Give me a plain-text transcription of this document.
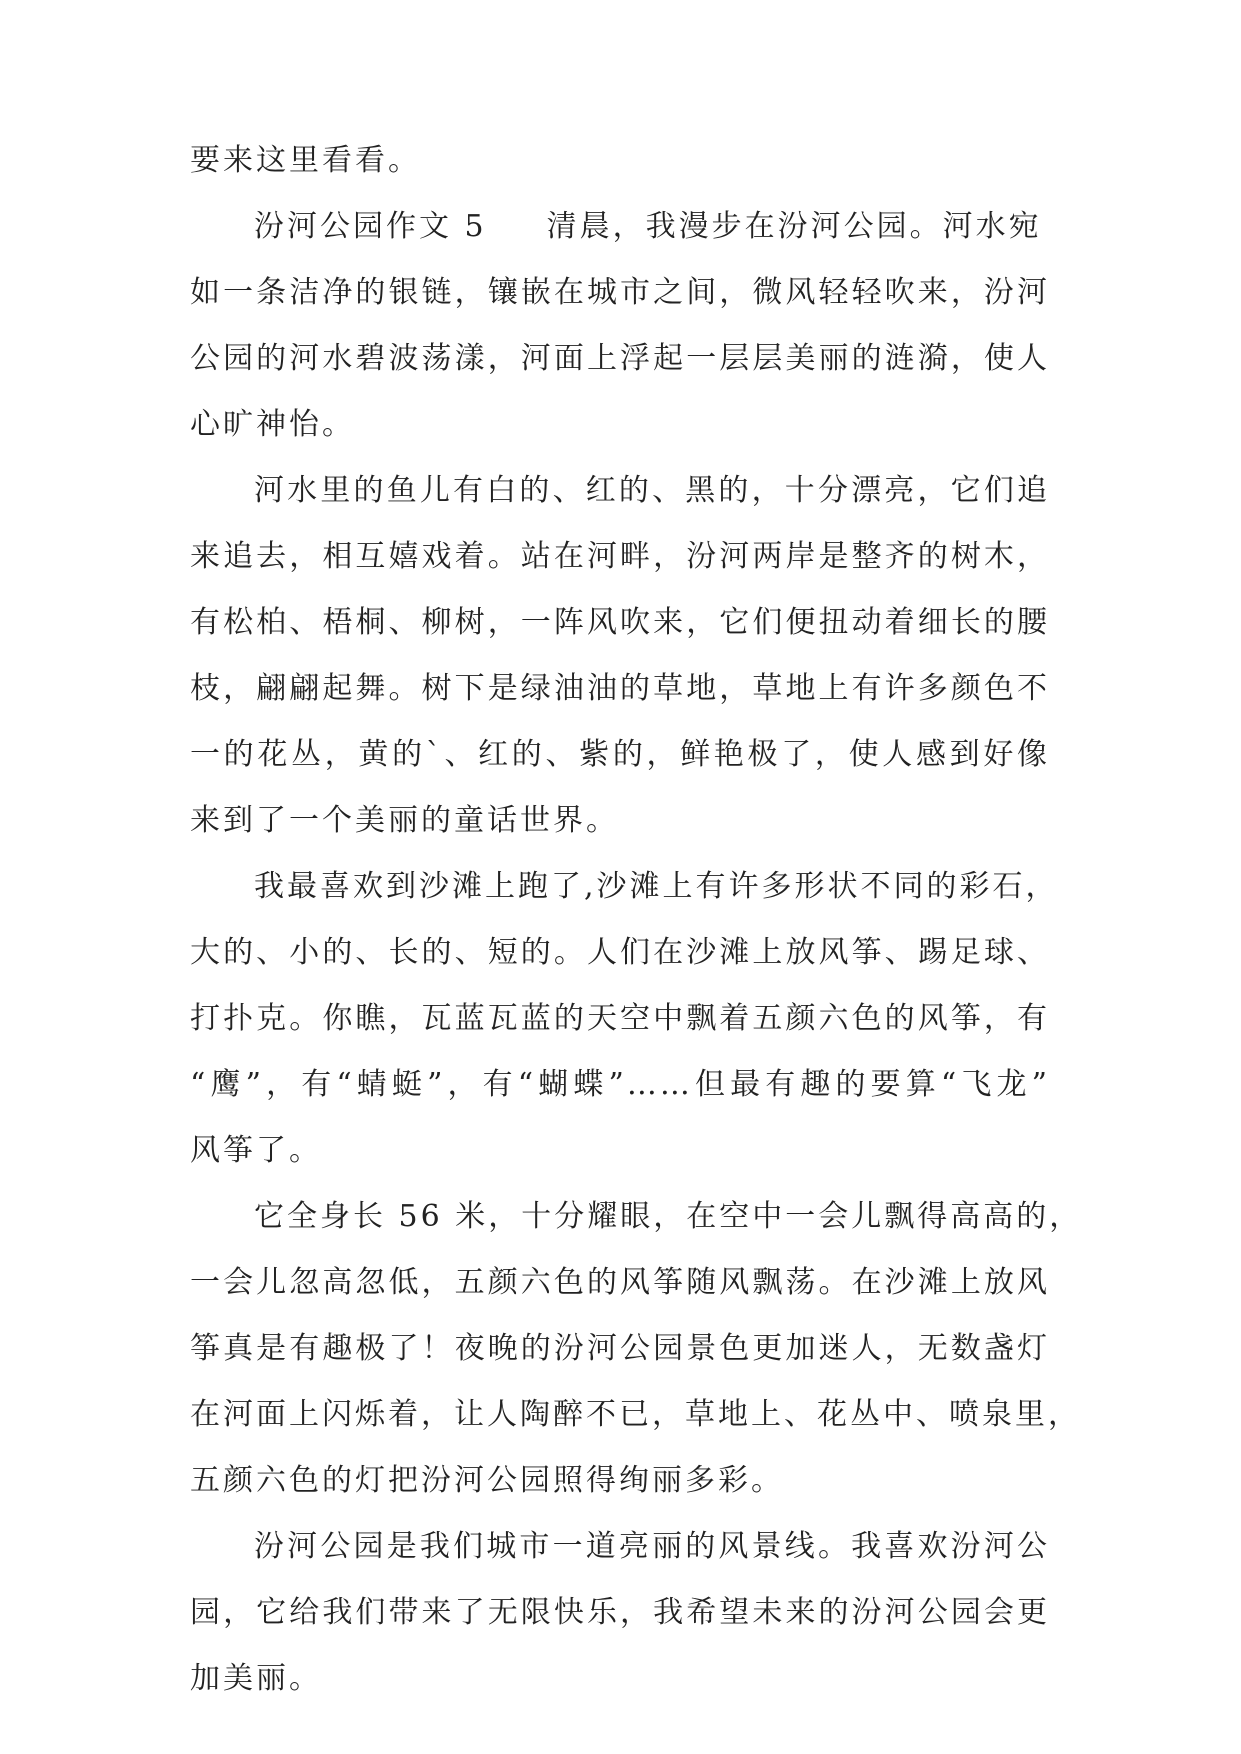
要来这里看看。
汾河公园作文 5 清晨，我漫步在汾河公园。河水宛
如一条洁净的银链，镶嵌在城市之间，微风轻轻吹来，汾河
公园的河水碧波荡漾，河面上浮起一层层美丽的涟漪，使人
心旷神怡。
河水里的鱼儿有白的、红的、黑的，十分漂亮，它们追
来追去，相互嬉戏着。站在河畔，汾河两岸是整齐的树木，
有松柏、梧桐、柳树，一阵风吹来，它们便扭动着细长的腰
枝，翩翩起舞。树下是绿油油的草地，草地上有许多颜色不
一的花丛，黄的`、红的、紫的，鲜艳极了，使人感到好像
来到了一个美丽的童话世界。
我最喜欢到沙滩上跑了,沙滩上有许多形状不同的彩石，
大的、小的、长的、短的。人们在沙滩上放风筝、踢足球、
打扑克。你瞧，瓦蓝瓦蓝的天空中飘着五颜六色的风筝，有
“鹰”，有“蜻蜓”，有“蝴蝶”……但最有趣的要算“飞龙”
风筝了。
它全身长 56 米，十分耀眼，在空中一会儿飘得高高的，
一会儿忽高忽低，五颜六色的风筝随风飘荡。在沙滩上放风
筝真是有趣极了！夜晚的汾河公园景色更加迷人，无数盏灯
在河面上闪烁着，让人陶醉不已，草地上、花丛中、喷泉里，
五颜六色的灯把汾河公园照得绚丽多彩。
汾河公园是我们城市一道亮丽的风景线。我喜欢汾河公
园，它给我们带来了无限快乐，我希望未来的汾河公园会更
加美丽。
